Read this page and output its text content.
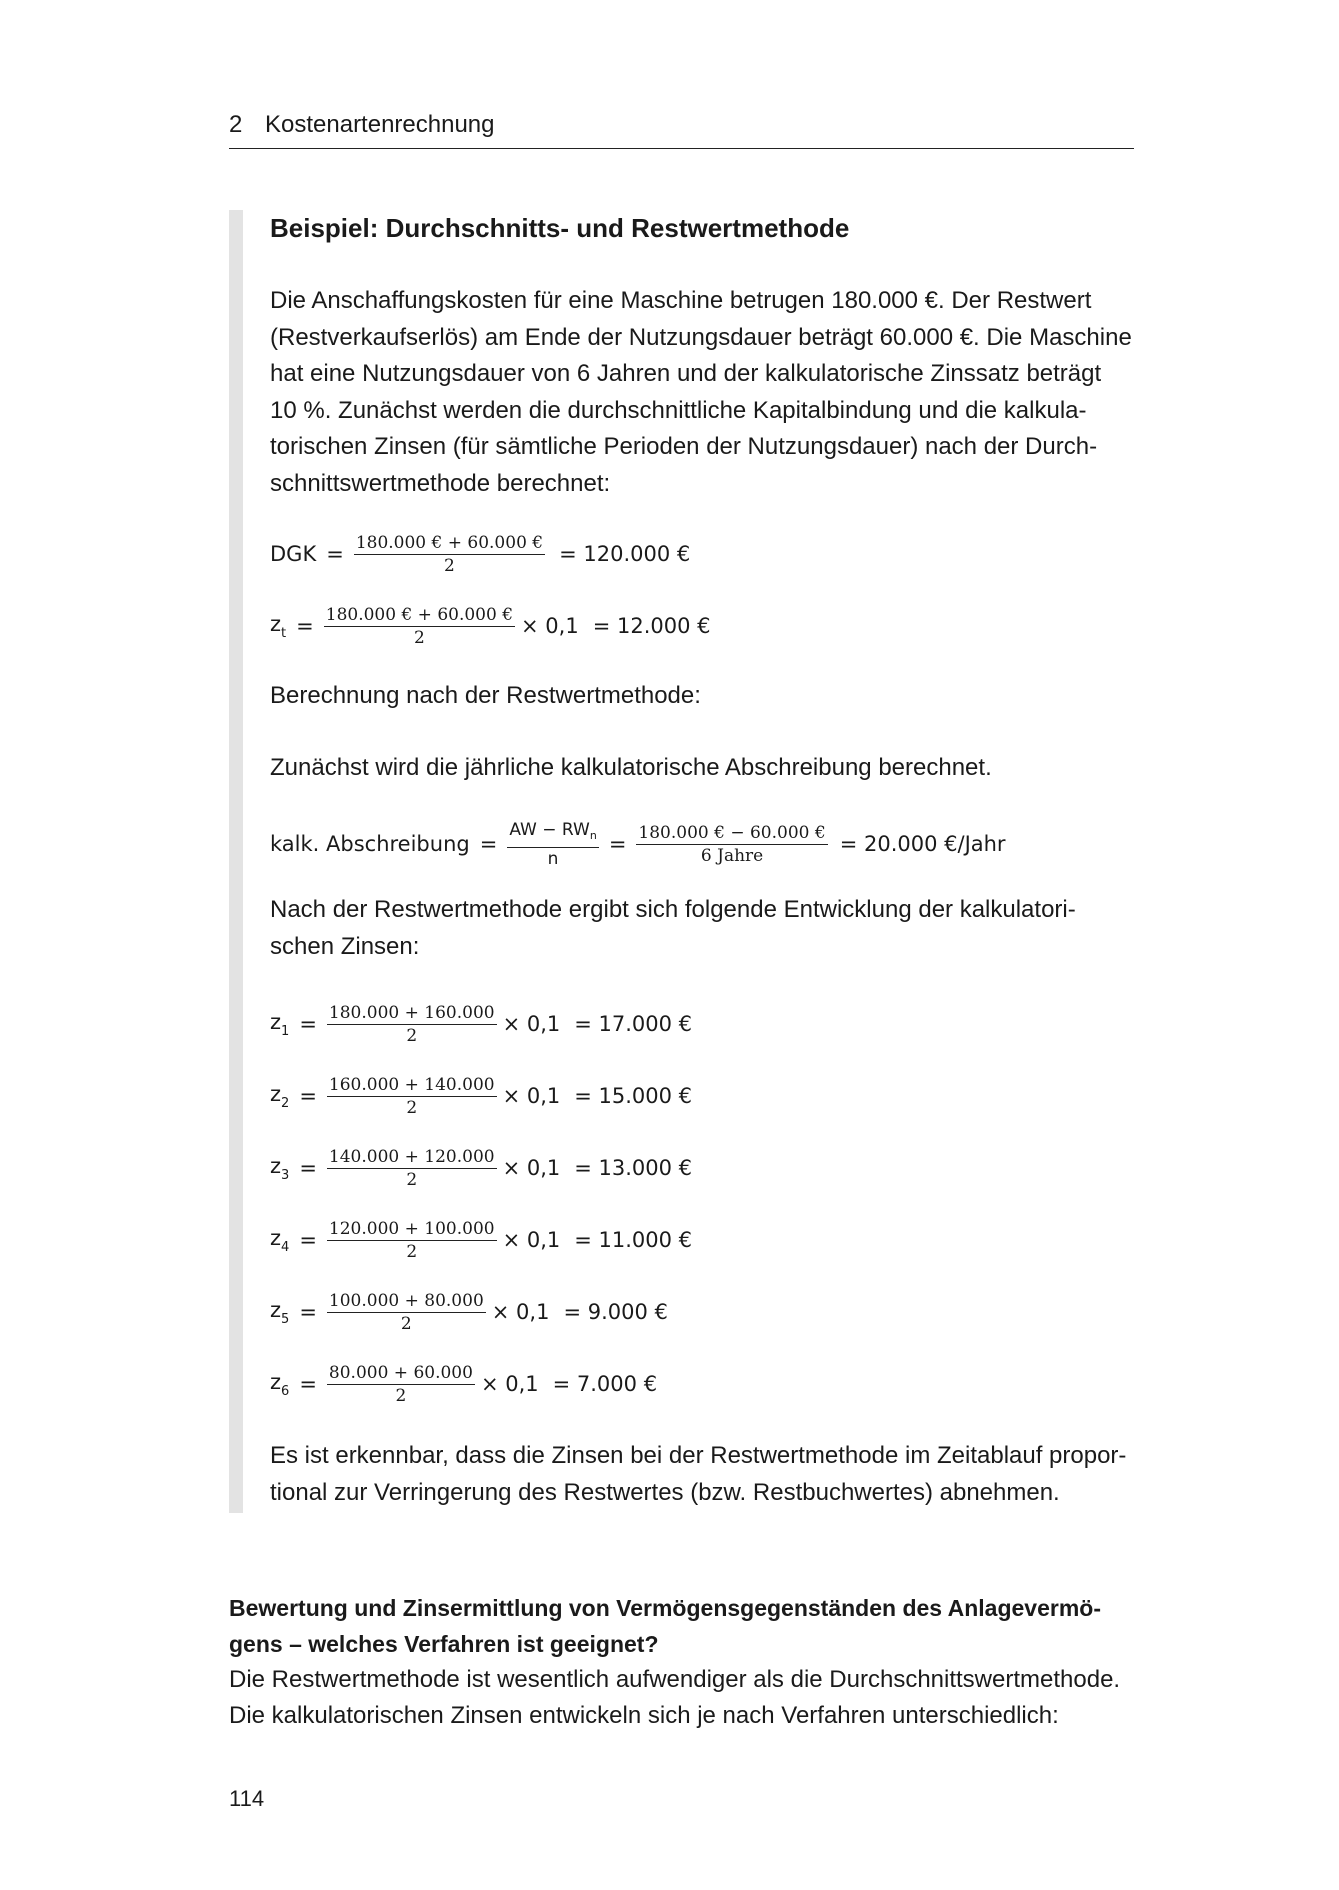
2 Kostenartenrechnung
Beispiel: Durchschnitts- und Restwertmethode

Die Anschaffungskosten für eine Maschine betrugen 180.000 €. Der Restwert
(Restverkaufserlös) am Ende der Nutzungsdauer beträgt 60.000 €. Die Maschine
hat eine Nutzungsdauer von 6 Jahren und der kalkulatorische Zinssatz beträgt
10 %. Zunächst werden die durchschnittliche Kapitalbindung und die kalkula-
torischen Zinsen (für sämtliche Perioden der Nutzungsdauer) nach der Durch-
schnittswertmethode berechnet:

DGK = $\frac{180.000 € + 60.000 €}{2} = 120.000$ €
$z_t = \frac{180.000 € + 60.000 €}{2} \times 0,1 = 12.000$ €
Berechnung nach der Restwertmethode:
Zunächst wird die jährliche kalkulatorische Abschreibung berechnet.
kalk. Abschreibung = $\frac{AW - RW_n}{n} = \frac{180.000 € - 60.000 €}{\text{6 Jahre}} = 20.000$ €/Jahr

Nach der Restwertmethode ergibt sich folgende Entwicklung der kalkulatori-
schen Zinsen:

$z_1 = \frac{180.000 + 160.000}{2} \times 0,1 = 17.000$ €
$z_2 = \frac{160.000 + 140.000}{2} \times 0,1 = 15.000$ €
$z_3 = \frac{140.000 + 120.000}{2} \times 0,1 = 13.000$ €
$z_4 = \frac{120.000 + 100.000}{2} \times 0,1 = 11.000$ €
$z_5 = \frac{100.000 + 80.000}{2} \times 0,1 = 9.000$ €
$z_6 = \frac{80.000 + 60.000}{2} \times 0,1 = 7.000$ €

Es ist erkennbar, dass die Zinsen bei der Restwertmethode im Zeitablauf propor-
tional zur Verringerung des Restwertes (bzw. Restbuchwertes) abnehmen.

Bewertung und Zinsermittlung von Vermögensgegenständen des Anlagevermö-
gens – welches Verfahren ist geeignet?

Die Restwertmethode ist wesentlich aufwendiger als die Durchschnittswertmethode.
Die kalkulatorischen Zinsen entwickeln sich je nach Verfahren unterschiedlich:

114
